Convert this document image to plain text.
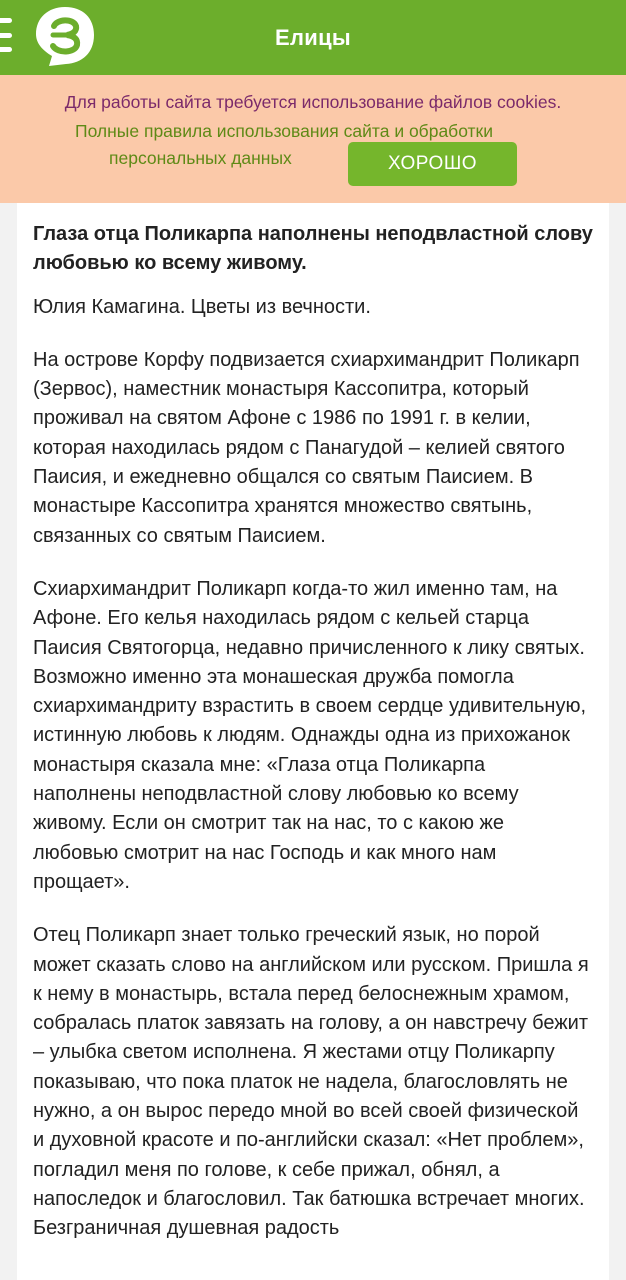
Елицы
Для работы сайта требуется использование файлов cookies.
Полные правила использования сайта и обработки
персональных данных	ХОРОШО

Глаза отца Поликарпа наполнены неподвластной слову любовью ко всему живому.

Юлия Камагина. Цветы из вечности.

На острове Корфу подвизается схиархимандрит Поликарп (Зервос), наместник монастыря Кассопитра, который проживал на святом Афоне с 1986 по 1991 г. в келии, которая находилась рядом с Панагудой – келией святого Паисия, и ежедневно общался со святым Паисием. В монастыре Кассопитра хранятся множество святынь, связанных со святым Паисием.

Схиархимандрит Поликарп когда-то жил именно там, на Афоне. Его келья находилась рядом с кельей старца Паисия Святогорца, недавно причисленного к лику святых. Возможно именно эта монашеская дружба помогла схиархимандриту взрастить в своем сердце удивительную, истинную любовь к людям. Однажды одна из прихожанок монастыря сказала мне: «Глаза отца Поликарпа наполнены неподвластной слову любовью ко всему живому. Если он смотрит так на нас, то с какою же любовью смотрит на нас Господь и как много нам прощает».

Отец Поликарп знает только греческий язык, но порой может сказать слово на английском или русском. Пришла я к нему в монастырь, встала перед белоснежным храмом, собралась платок завязать на голову, а он навстречу бежит – улыбка светом исполнена. Я жестами отцу Поликарпу показываю, что пока платок не надела, благословлять не нужно, а он вырос передо мной во всей своей физической и духовной красоте и по-английски сказал: «Нет проблем», погладил меня по голове, к себе прижал, обнял, а напоследок и благословил. Так батюшка встречает многих. Безграничная душевная радость
